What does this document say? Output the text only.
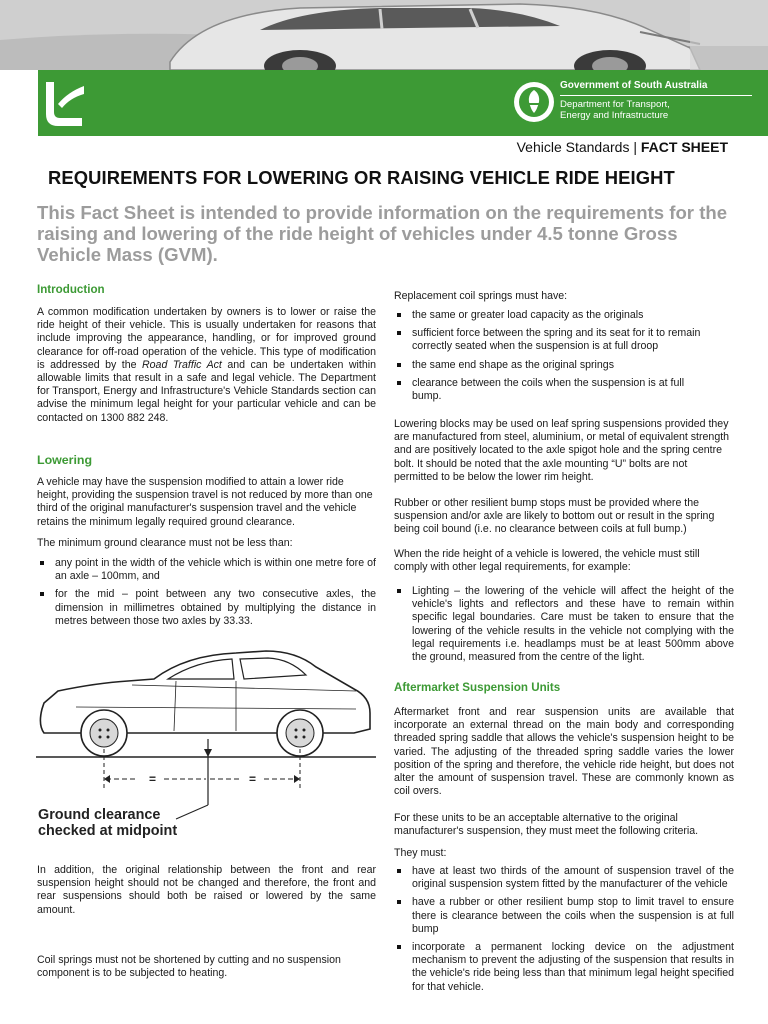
SOUTH AUSTRALIA Government of South Australia
Department for Transport,
Energy and Infrastructure
Vehicle Standards | FACT SHEET
REQUIREMENTS FOR LOWERING OR RAISING VEHICLE RIDE HEIGHT
This Fact Sheet is intended to provide information on the requirements for the raising and lowering of the ride height of vehicles under 4.5 tonne Gross Vehicle Mass (GVM).
Introduction
A common modification undertaken by owners is to lower or raise the ride height of their vehicle. This is usually undertaken for reasons that include improving the appearance, handling, or for improved ground clearance for off-road operation of the vehicle. This type of modification is addressed by the Road Traffic Act and can be undertaken within allowable limits that result in a safe and legal vehicle. The Department for Transport, Energy and Infrastructure's Vehicle Standards section can advise the minimum legal height for your particular vehicle and can be contacted on 1300 882 248.
Lowering
A vehicle may have the suspension modified to attain a lower ride height, providing the suspension travel is not reduced by more than one third of the original manufacturer's suspension travel and the vehicle retains the minimum legally required ground clearance.
The minimum ground clearance must not be less than:
any point in the width of the vehicle which is within one metre fore of an axle – 100mm, and
for the mid – point between any two consecutive axles, the dimension in millimetres obtained by multiplying the distance in metres between those two axles by 33.33.
=	=
Ground clearance
checked at midpoint
In addition, the original relationship between the front and rear suspension height should not be changed and therefore, the front and rear suspensions should both be raised or lowered by the same amount.
Coil springs must not be shortened by cutting and no suspension component is to be subjected to heating.
Replacement coil springs must have:
the same or greater load capacity as the originals
sufficient force between the spring and its seat for it to remain correctly seated when the suspension is at full droop
the same end shape as the original springs
clearance between the coils when the suspension is at full bump.
Lowering blocks may be used on leaf spring suspensions provided they are manufactured from steel, aluminium, or metal of equivalent strength and are positively located to the axle spigot hole and the spring centre bolt. It should be noted that the axle mounting “U” bolts are not permitted to be below the lower rim height.
Rubber or other resilient bump stops must be provided where the suspension and/or axle are likely to bottom out or result in the spring being coil bound (i.e. no clearance between coils at full bump.)
When the ride height of a vehicle is lowered, the vehicle must still comply with other legal requirements, for example:
Lighting – the lowering of the vehicle will affect the height of the vehicle's lights and reflectors and these have to remain within specific legal boundaries. Care must be taken to ensure that the lowering of the vehicle results in the vehicle not complying with the legal requirements i.e. headlamps must be at least 500mm above the ground, measured from the centre of the light.
Aftermarket Suspension Units
Aftermarket front and rear suspension units are available that incorporate an external thread on the main body and corresponding threaded spring saddle that allows the vehicle's suspension height to be varied. The adjusting of the threaded spring saddle varies the lower position of the spring and therefore, the vehicle ride height, but does not alter the amount of suspension travel. These are commonly known as coil overs.
For these units to be an acceptable alternative to the original manufacturer's suspension, they must meet the following criteria.
They must:
have at least two thirds of the amount of suspension travel of the original suspension system fitted by the manufacturer of the vehicle
have a rubber or other resilient bump stop to limit travel to ensure there is clearance between the coils when the suspension is at full bump
incorporate a permanent locking device on the adjustment mechanism to prevent the adjusting of the suspension that results in the vehicle's ride being less than that minimum legal height specified for that vehicle.
